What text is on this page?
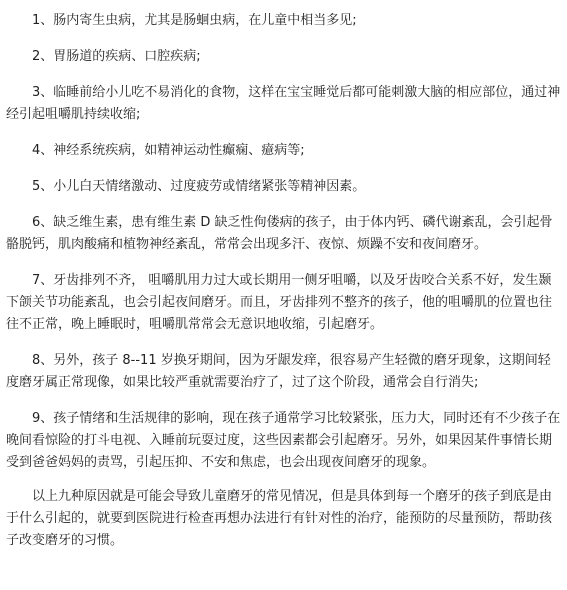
1、肠内寄生虫病，尤其是肠蛔虫病，在儿童中相当多见;

2、胃肠道的疾病、口腔疾病;

3、临睡前给小儿吃不易消化的食物，这样在宝宝睡觉后都可能刺激大脑的相应部位，通过神经引起咀嚼肌持续收缩;

4、神经系统疾病，如精神运动性癫痫、癔病等;

5、小儿白天情绪激动、过度疲劳或情绪紧张等精神因素。

6、缺乏维生素，患有维生素 D 缺乏性佝偻病的孩子，由于体内钙、磷代谢紊乱，会引起骨骼脱钙，肌肉酸痛和植物神经紊乱，常常会出现多汗、夜惊、烦躁不安和夜间磨牙。

7、牙齿排列不齐， 咀嚼肌用力过大或长期用一侧牙咀嚼，以及牙齿咬合关系不好，发生颞下颌关节功能紊乱，也会引起夜间磨牙。而且，牙齿排列不整齐的孩子，他的咀嚼肌的位置也往往不正常，晚上睡眠时，咀嚼肌常常会无意识地收缩，引起磨牙。

8、另外，孩子 8--11 岁换牙期间，因为牙龈发痒，很容易产生轻微的磨牙现象，这期间轻度磨牙属正常现像，如果比较严重就需要治疗了，过了这个阶段，通常会自行消失;

9、孩子情绪和生活规律的影响，现在孩子通常学习比较紧张，压力大，同时还有不少孩子在晚间看惊险的打斗电视、入睡前玩耍过度，这些因素都会引起磨牙。另外，如果因某件事情长期受到爸爸妈妈的责骂，引起压抑、不安和焦虑，也会出现夜间磨牙的现象。

以上九种原因就是可能会导致儿童磨牙的常见情况，但是具体到每一个磨牙的孩子到底是由于什么引起的，就要到医院进行检查再想办法进行有针对性的治疗，能预防的尽量预防，帮助孩子改变磨牙的习惯。
